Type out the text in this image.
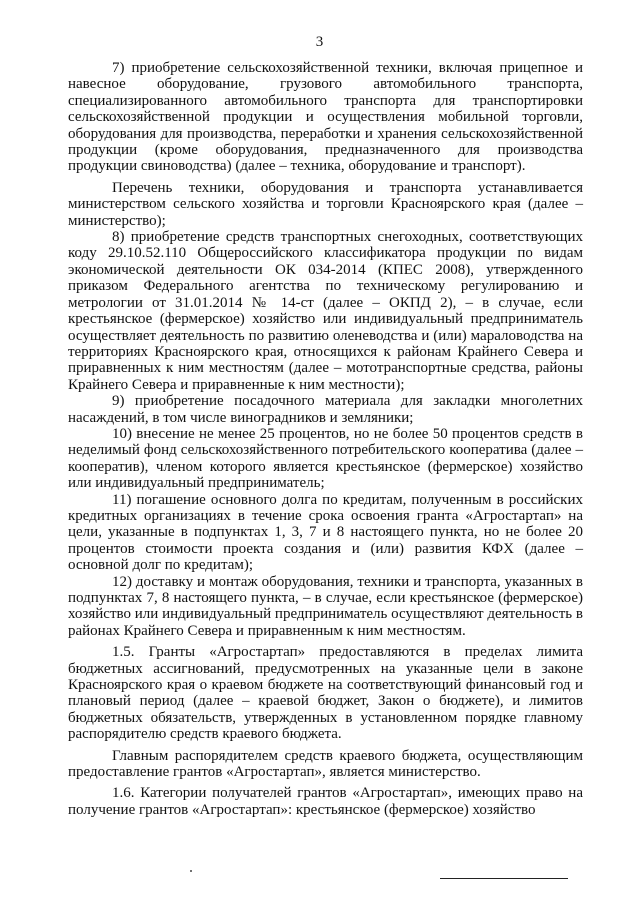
3

7) приобретение сельскохозяйственной техники, включая прицепное и навесное оборудование, грузового автомобильного транспорта, специализированного автомобильного транспорта для транспортировки сельскохозяйственной продукции и осуществления мобильной торговли, оборудования для производства, переработки и хранения сельскохозяйственной продукции (кроме оборудования, предназначенного для производства продукции свиноводства) (далее – техника, оборудование и транспорт).

Перечень техники, оборудования и транспорта устанавливается министерством сельского хозяйства и торговли Красноярского края (далее – министерство);

8) приобретение средств транспортных снегоходных, соответствующих коду 29.10.52.110 Общероссийского классификатора продукции по видам экономической деятельности ОК 034-2014 (КПЕС 2008), утвержденного приказом Федерального агентства по техническому регулированию и метрологии от 31.01.2014 № 14-ст (далее – ОКПД 2), – в случае, если крестьянское (фермерское) хозяйство или индивидуальный предприниматель осуществляет деятельность по развитию оленеводства и (или) мараловодства на территориях Красноярского края, относящихся к районам Крайнего Севера и приравненных к ним местностям (далее – мототранспортные средства, районы Крайнего Севера и приравненные к ним местности);

9) приобретение посадочного материала для закладки многолетних насаждений, в том числе виноградников и земляники;

10) внесение не менее 25 процентов, но не более 50 процентов средств в неделимый фонд сельскохозяйственного потребительского кооператива (далее – кооператив), членом которого является крестьянское (фермерское) хозяйство или индивидуальный предприниматель;

11) погашение основного долга по кредитам, полученным в российских кредитных организациях в течение срока освоения гранта «Агростартап» на цели, указанные в подпунктах 1, 3, 7 и 8 настоящего пункта, но не более 20 процентов стоимости проекта создания и (или) развития КФХ (далее – основной долг по кредитам);

12) доставку и монтаж оборудования, техники и транспорта, указанных в подпунктах 7, 8 настоящего пункта, – в случае, если крестьянское (фермерское) хозяйство или индивидуальный предприниматель осуществляют деятельность в районах Крайнего Севера и приравненным к ним местностям.

1.5. Гранты «Агростартап» предоставляются в пределах лимита бюджетных ассигнований, предусмотренных на указанные цели в законе Красноярского края о краевом бюджете на соответствующий финансовый год и плановый период (далее – краевой бюджет, Закон о бюджете), и лимитов бюджетных обязательств, утвержденных в установленном порядке главному распорядителю средств краевого бюджета.

Главным распорядителем средств краевого бюджета, осуществляющим предоставление грантов «Агростартап», является министерство.

1.6. Категории получателей грантов «Агростартап», имеющих право на получение грантов «Агростартап»: крестьянское (фермерское) хозяйство
